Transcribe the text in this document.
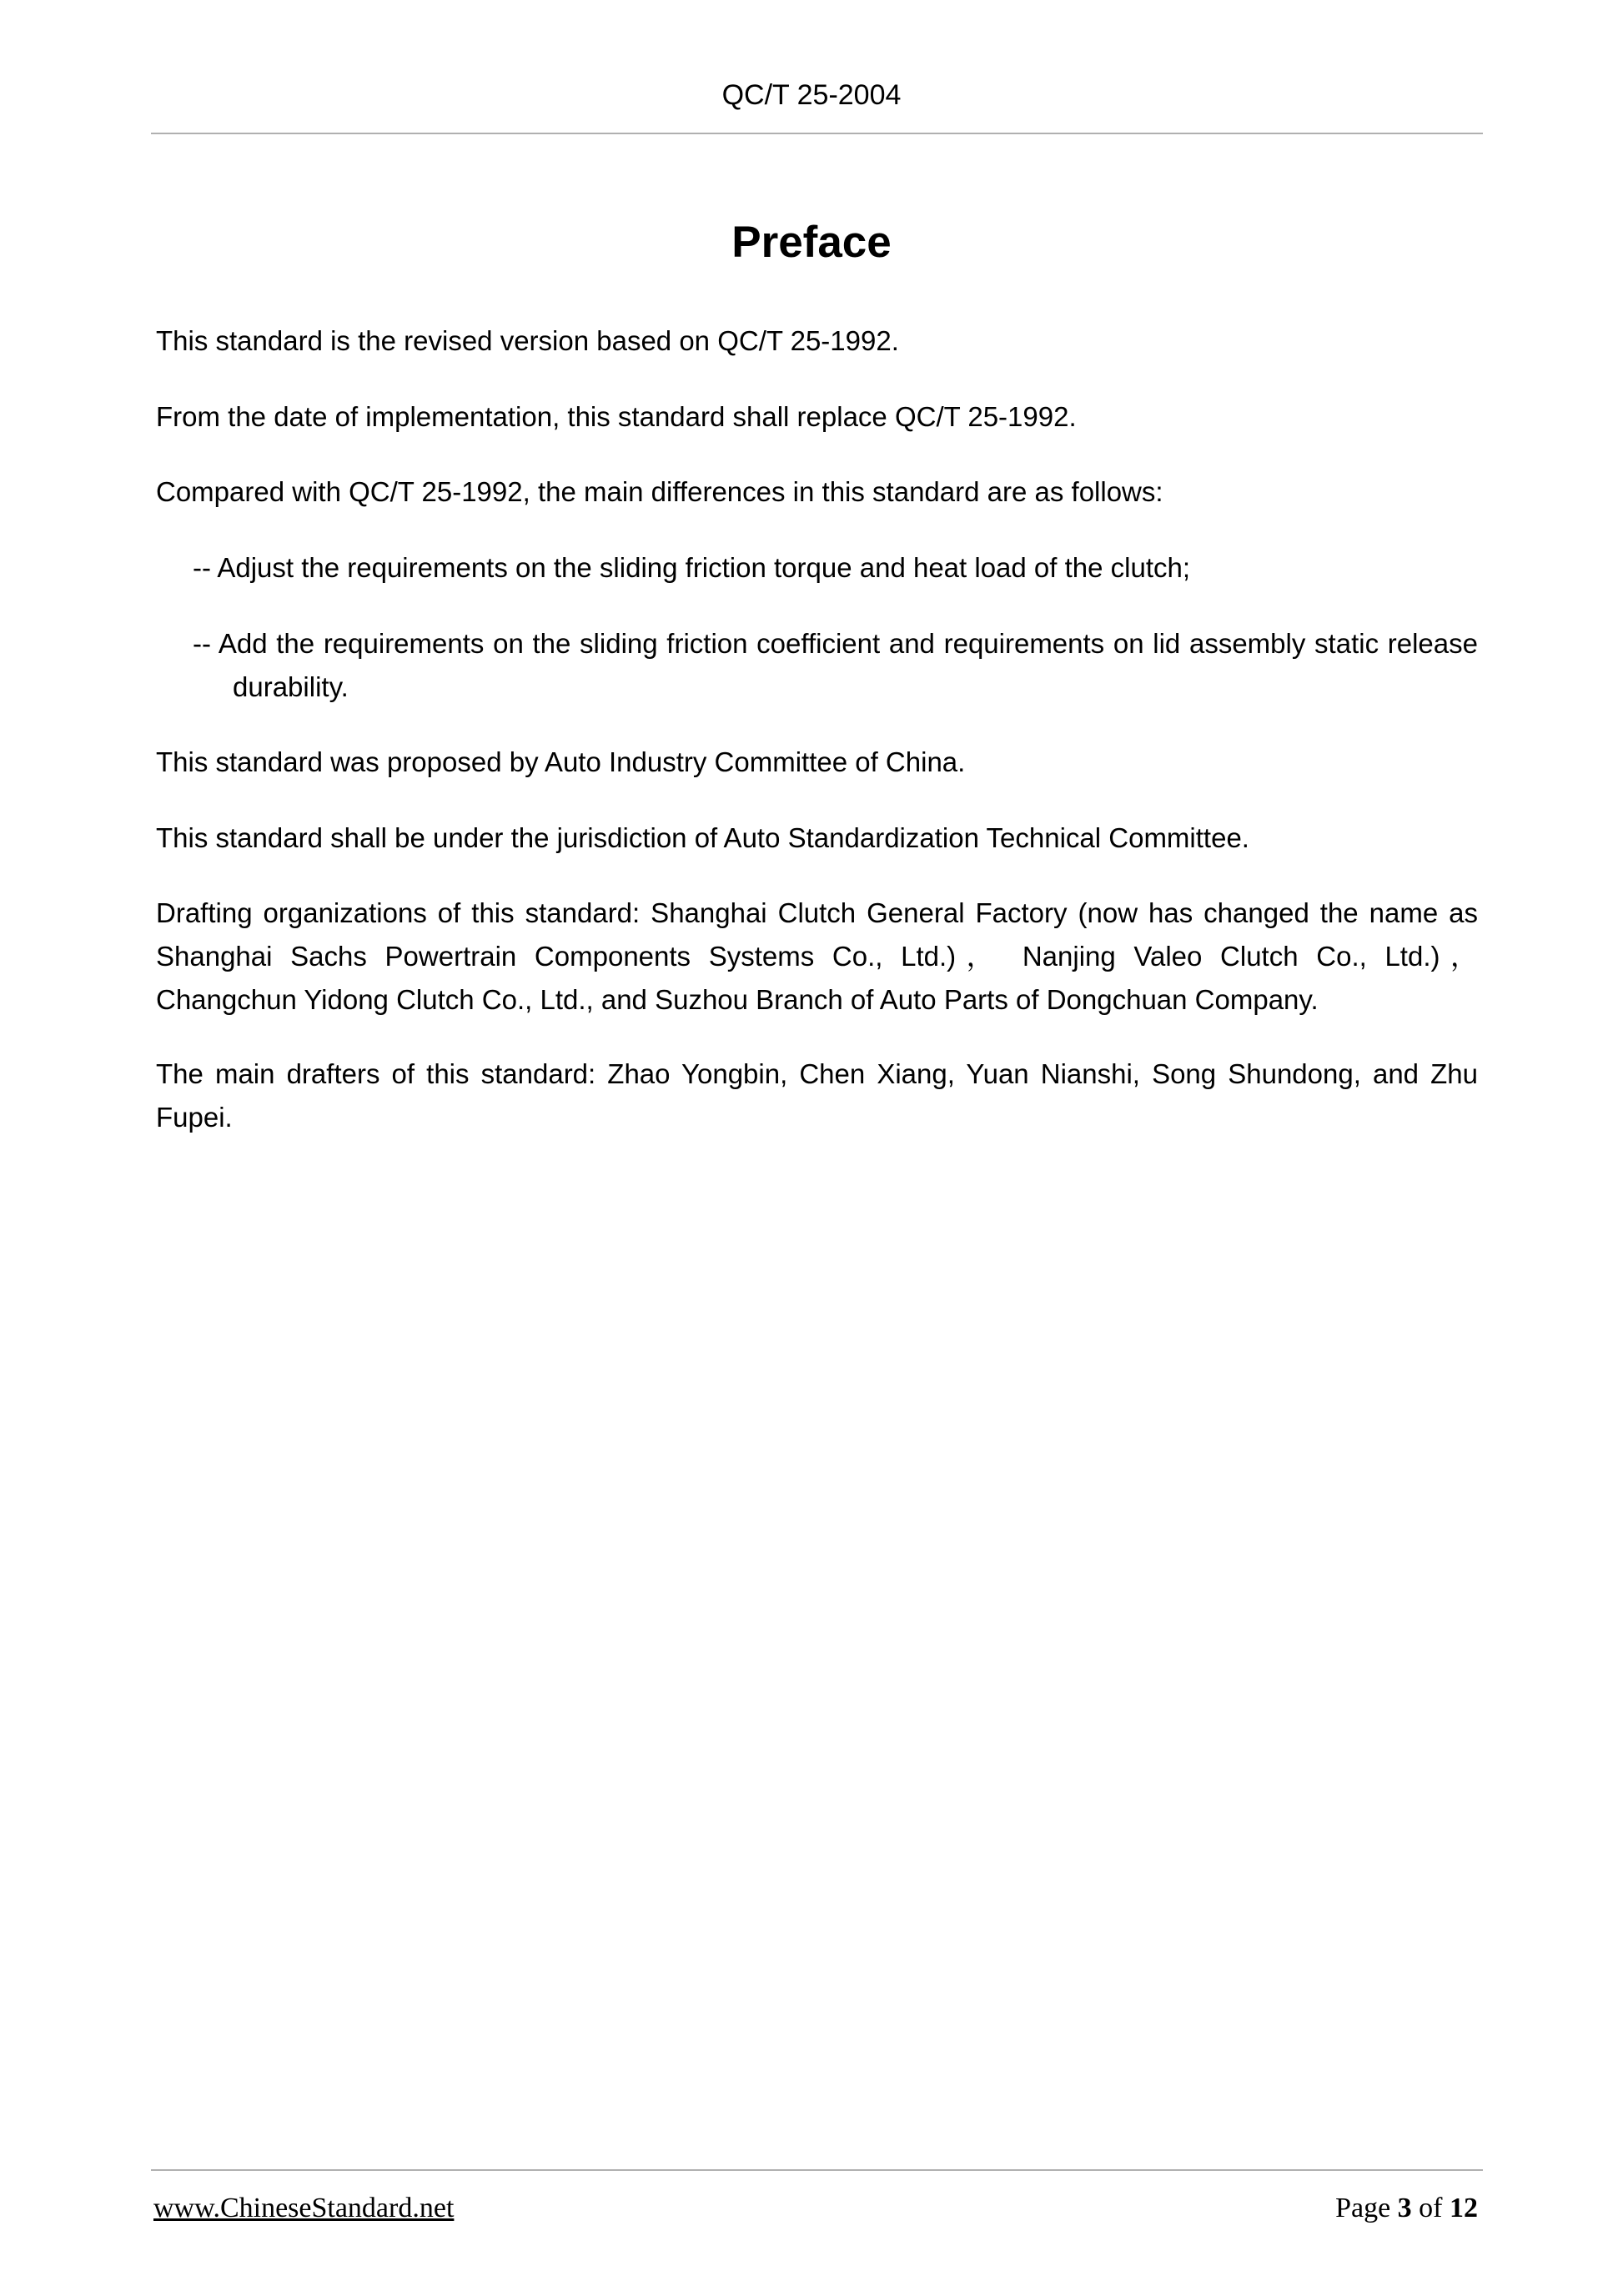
QC/T 25-2004
Preface
This standard is the revised version based on QC/T 25-1992.
From the date of implementation, this standard shall replace QC/T 25-1992.
Compared with QC/T 25-1992, the main differences in this standard are as follows:
-- Adjust the requirements on the sliding friction torque and heat load of the clutch;
-- Add the requirements on the sliding friction coefficient and requirements on lid assembly static release durability.
This standard was proposed by Auto Industry Committee of China.
This standard shall be under the jurisdiction of Auto Standardization Technical Committee.
Drafting organizations of this standard: Shanghai Clutch General Factory (now has changed the name as Shanghai Sachs Powertrain Components Systems Co., Ltd.)， Nanjing Valeo Clutch Co., Ltd.)， Changchun Yidong Clutch Co., Ltd., and Suzhou Branch of Auto Parts of Dongchuan Company.
The main drafters of this standard: Zhao Yongbin, Chen Xiang, Yuan Nianshi, Song Shundong, and Zhu Fupei.
www.ChineseStandard.net	Page 3 of 12
